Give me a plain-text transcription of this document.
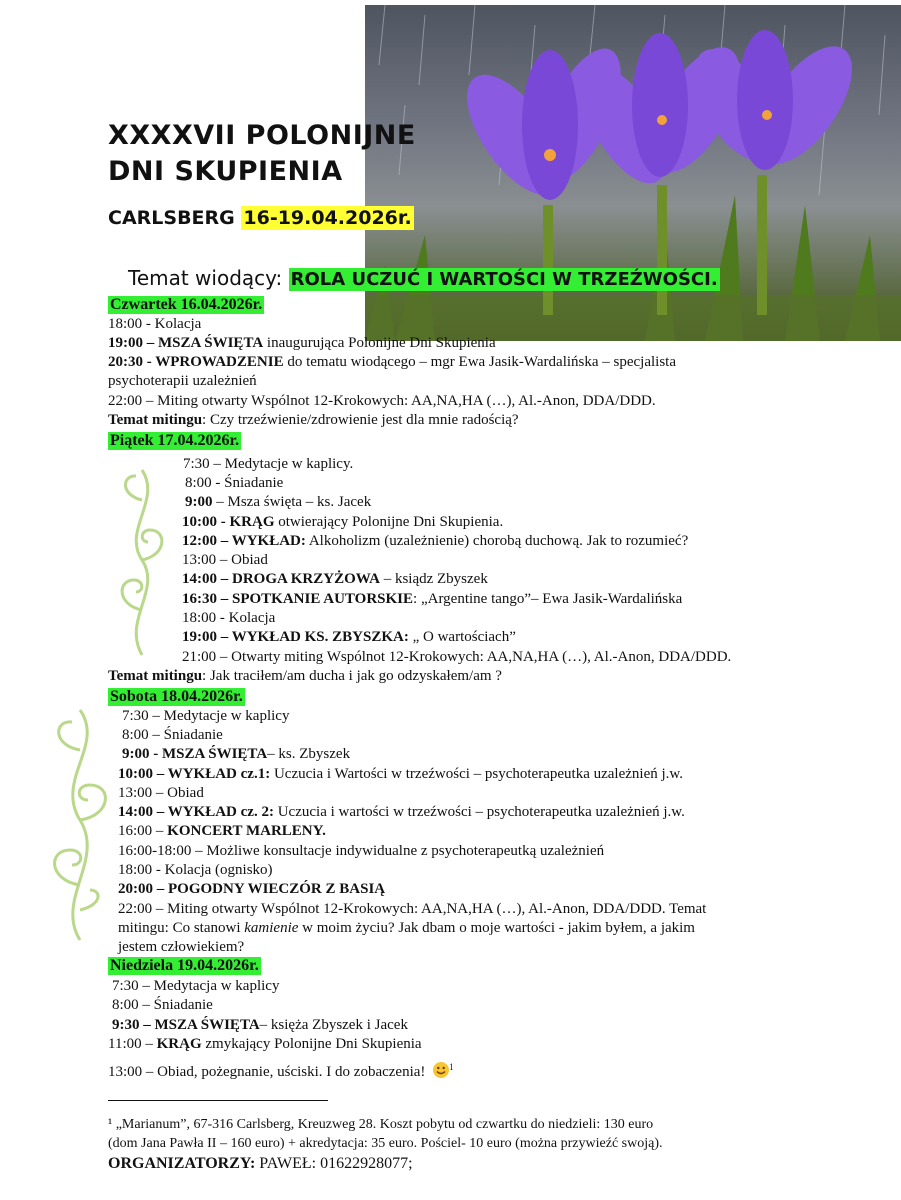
XXXXVII POLONIJNE
DNI SKUPIENIA
CARLSBERG 16-19.04.2026r.
Temat wiodący: ROLA UCZUĆ I WARTOŚCI W TRZEŹWOŚCI.
Czwartek 16.04.2026r.
18:00 - Kolacja
19:00 – MSZA ŚWIĘTA inaugurująca Polonijne Dni Skupienia
20:30 - WPROWADZENIE do tematu wiodącego – mgr Ewa Jasik-Wardalińska – specjalista
psychoterapii uzależnień
22:00 – Miting otwarty Wspólnot 12-Krokowych: AA,NA,HA (…), Al.-Anon, DDA/DDD.
Temat mitingu: Czy trzeźwienie/zdrowienie jest dla mnie radością?
Piątek 17.04.2026r.
7:30 – Medytacje w kaplicy.
8:00 - Śniadanie
9:00 – Msza święta – ks. Jacek
10:00 - KRĄG otwierający Polonijne Dni Skupienia.
12:00 – WYKŁAD: Alkoholizm (uzależnienie) chorobą duchową. Jak to rozumieć?
13:00 – Obiad
14:00 – DROGA KRZYŻOWA – ksiądz Zbyszek
16:30 – SPOTKANIE AUTORSKIE: „Argentine tango”– Ewa Jasik-Wardalińska
18:00 - Kolacja
19:00 – WYKŁAD KS. ZBYSZKA: „ O wartościach”
21:00 – Otwarty miting Wspólnot 12-Krokowych: AA,NA,HA (…), Al.-Anon, DDA/DDD.
Temat mitingu: Jak traciłem/am ducha i jak go odzyskałem/am ?
Sobota 18.04.2026r.
7:30 – Medytacje w kaplicy
8:00 – Śniadanie
9:00 - MSZA ŚWIĘTA– ks. Zbyszek
10:00 – WYKŁAD cz.1: Uczucia i Wartości w trzeźwości – psychoterapeutka uzależnień j.w.
13:00 – Obiad
14:00 – WYKŁAD cz. 2: Uczucia i wartości w trzeźwości – psychoterapeutka uzależnień j.w.
16:00 – KONCERT MARLENY.
16:00-18:00 – Możliwe konsultacje indywidualne z psychoterapeutką uzależnień
18:00 - Kolacja (ognisko)
20:00 – POGODNY WIECZÓR Z BASIĄ
22:00 – Miting otwarty Wspólnot 12-Krokowych: AA,NA,HA (…), Al.-Anon, DDA/DDD. Temat
mitingu: Co stanowi kamienie w moim życiu? Jak dbam o moje wartości - jakim byłem, a jakim
jestem człowiekiem?
Niedziela 19.04.2026r.
7:30 – Medytacja w kaplicy
8:00 – Śniadanie
9:30 – MSZA ŚWIĘTA– księża Zbyszek i Jacek
11:00 – KRĄG zmykający Polonijne Dni Skupienia
13:00 – Obiad, pożegnanie, uściski. I do zobaczenia! $^1$
¹ „Marianum”, 67-316 Carlsberg, Kreuzweg 28. Koszt pobytu od czwartku do niedzieli: 130 euro
(dom Jana Pawła II – 160 euro) + akredytacja: 35 euro. Pościel- 10 euro (można przywieźć swoją).
ORGANIZATORZY: PAWEŁ: 01622928077;
